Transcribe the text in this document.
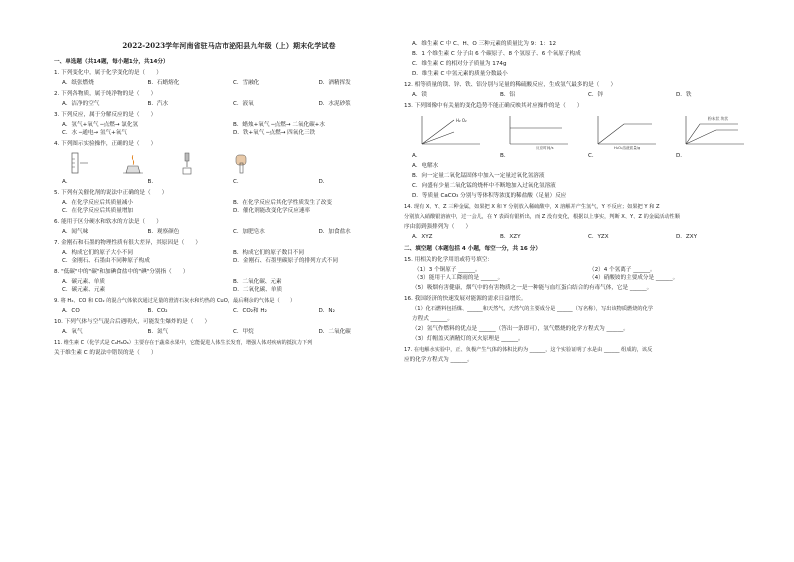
2022-2023学年河南省驻马店市泌阳县九年级（上）期末化学试卷
一、单选题（共14题，每小题1分，共14分）
1. 下列变化中，属于化学变化的是（　　）
A．纸张燃烧	B．石蜡熔化	C．雪融化	D．酒精挥发
2. 下列各物质，属于纯净物的是（　　）
A．洁净的空气	B．汽水	C．液氧	D．水泥砂浆
3. 下列反应，属于分解反应的是（　　）
A．氢气+氧气 ─点燃→ 氯化氢	B．蜡烛+氧气 ─点燃→ 二氧化碳+水
C．水 ─通电→ 氢气+氧气	D．铁+氧气 ─点燃→ 四氧化三铁
4. 下列图示实验操作，正确的是（　　）
A．	B．	C．	D．
5. 下列有关催化剂的说法中正确的是（　　）
A．在化学反应后其质量减小	B．在化学反应后其化学性质发生了改变
C．在化学反应后其质量增加	D．催化剂能改变化学反应速率
6. 能用于区分硬水和软水的方法是（　　）
A．闻气味	B．观察颜色	C．加肥皂水	D．加食盐水
7. 金刚石和石墨的物理性质有很大差异，其原因是（　　）
A．构成它们的原子大小不同	B．构成它们的原子数目不同
C．金刚石、石墨由不同种原子构成	D．金刚石、石墨里碳原子的排列方式不同
8. "低碳"中的"碳"和加碘食盐中的"碘"分别指（　　）
A．碳元素、单质	B．二氧化碳、元素
C．碳元素、元素	D．二氧化碳、单质
9. 将 H₂、CO 和 CO₂ 的混合气体依次通过足量的澄清石灰水和灼热的 CuO，最后剩余的气体是（　　）
A．CO	B．CO₂	C．CO₂和 H₂	D．N₂
10. 下列气体与空气混合后遇明火，可能发生爆炸的是（　　）
A．氧气	B．氮气	C．甲烷	D．二氧化碳
11. 维生素 C（化学式是 C₆H₈O₆）主要存在于蔬菜水果中，它能促进人体生长发育，增强人体对疾病的抵抗力下列
关于维生素 C 的说法中错误的是（　　）
A．维生素 C 中 C、H、O 三种元素的质量比为 9：1：12
B．1 个维生素 C 分子由 6 个碳原子、8 个氢原子、6 个氧原子构成
C．维生素 C 的相对分子质量为 174g
D．维生素 C 中氢元素的质量分数最小
12. 相等质量的镁、锌、铁、铝分别与足量的稀硫酸反应，生成氢气最多的是（　　）
A．镁	B．铝	C．锌	D．铁
13. 下列图像中有关量的变化趋势不能正确反映其对应操作的是（　　）
H₂ O₂
反应时间/s	H₂O₂溶液质量/g
粉末状 块状
A．	B．	C．	D．
A．电解水
B．向一定量二氧化锰固体中加入一定量过氧化氢溶液
C．向盛有少量二氧化锰的烧杯中不断地加入过氧化氢溶液
D．等质量 CaCO₃ 分别与等体积等浓度的稀盐酸（足量）反应
14. 现有 X、Y、Z 三种金属，如果把 X 和 Y 分别放入稀硫酸中，X 溶解并产生氢气，Y 不反应；如果把 Y 和 Z
分别放入硝酸银溶液中，过一会儿，在 Y 表面有银析出，而 Z 没有变化，根据以上事实，判断 X、Y、Z 的金属活动性顺
序由弱到强排列为（　　）
A．XYZ	B．XZY	C．YZX	D．ZXY
二、填空题（本题包括 4 小题，每空一分，共 16 分）
15. 用相关的化学用语或符号填空：
（1）3 个铜原子 ______。	（2）4 个氢离子 ______。
（3）能用于人工降雨的是 ______。	（4）硝酸铵的主要成分是 ______。
（5）吸烟有害健康，烟气中的有害物质之一是一种能与血红蛋白结合的有毒气体，它是 ______。
16. 我国经济的快速发展对能源的需求日益增长。
（1）化石燃料包括煤、______和天然气，天然气的主要成分是 ______（写名称），写出该物质燃烧的化学
方程式 ______。
（2）氢气作燃料的优点是 ______（答出一条即可），氢气燃烧的化学方程式为 ______。
（3）灯帽盖灭酒精灯的灭火原理是 ______。
17. 在电解水实验中，正、负极产生气体的体积比约为 ______，这个实验证明了水是由 ______ 组成的，该反
应的化学方程式为 ______。
